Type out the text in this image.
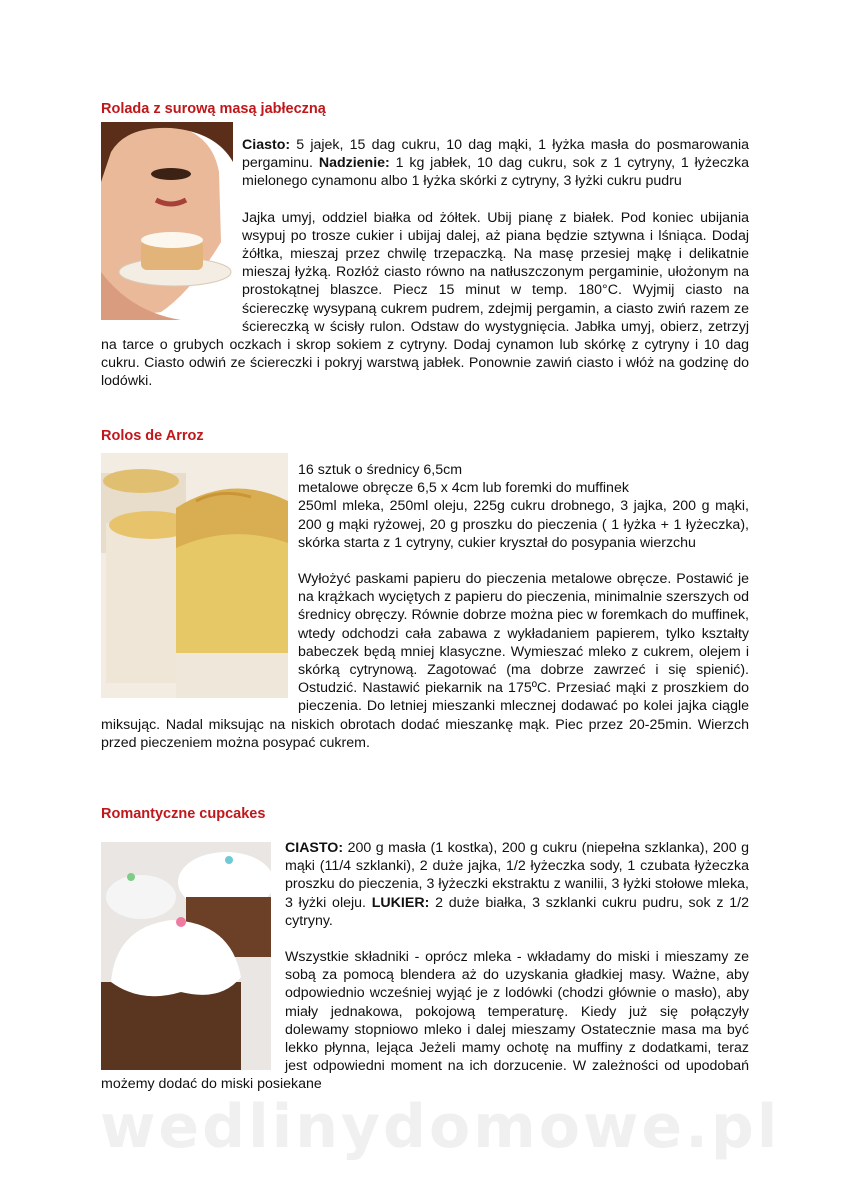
Rolada z surową masą jabłeczną

Ciasto: 5 jajek, 15 dag cukru, 10 dag mąki, 1 łyżka masła do posmarowania pergaminu. Nadzienie: 1 kg jabłek, 10 dag cukru, sok z 1 cytryny, 1 łyżeczka mielonego cynamonu albo 1 łyżka skórki z cytryny, 3 łyżki cukru pudru

Jajka umyj, oddziel białka od żółtek. Ubij pianę z białek. Pod koniec ubijania wsypuj po trosze cukier i ubijaj dalej, aż piana będzie sztywna i lśniąca. Dodaj żółtka, mieszaj przez chwilę trzepaczką. Na masę przesiej mąkę i delikatnie mieszaj łyżką. Rozłóż ciasto równo na natłuszczonym pergaminie, ułożonym na prostokątnej blaszce. Piecz 15 minut w temp. 180°C. Wyjmij ciasto na ściereczkę wysypaną cukrem pudrem, zdejmij pergamin, a ciasto zwiń razem ze ściereczką w ścisły rulon. Odstaw do wystygnięcia. Jabłka umyj, obierz, zetrzyj na tarce o grubych oczkach i skrop sokiem z cytryny. Dodaj cynamon lub skórkę z cytryny i 10 dag cukru. Ciasto odwiń ze ściereczki i pokryj warstwą jabłek. Ponownie zawiń ciasto i włóż na godzinę do lodówki.

Rolos de Arroz

16 sztuk o średnicy 6,5cm

metalowe obręcze 6,5 x 4cm lub foremki do muffinek

250ml mleka, 250ml oleju, 225g cukru drobnego, 3 jajka, 200 g mąki, 200 g mąki ryżowej, 20 g proszku do pieczenia ( 1 łyżka + 1 łyżeczka), skórka starta z 1 cytryny, cukier kryształ do posypania wierzchu

Wyłożyć paskami papieru do pieczenia metalowe obręcze. Postawić je na krążkach wyciętych z papieru do pieczenia, minimalnie szerszych od średnicy obręczy. Równie dobrze można piec w foremkach do muffinek, wtedy odchodzi cała zabawa z wykładaniem papierem, tylko kształty babeczek będą mniej klasyczne. Wymieszać mleko z cukrem, olejem i skórką cytrynową. Zagotować (ma dobrze zawrzeć i się spienić). Ostudzić. Nastawić piekarnik na 175ºC. Przesiać mąki z proszkiem do pieczenia. Do letniej mieszanki mlecznej dodawać po kolei jajka ciągle miksując. Nadal miksując na niskich obrotach dodać mieszankę mąk. Piec przez 20-25min. Wierzch przed pieczeniem można posypać cukrem.

Romantyczne cupcakes

CIASTO: 200 g masła (1 kostka), 200 g cukru (niepełna szklanka), 200 g mąki (11/4 szklanki), 2 duże jajka, 1/2 łyżeczka sody, 1 czubata łyżeczka proszku do pieczenia, 3 łyżeczki ekstraktu z wanilii, 3 łyżki stołowe mleka, 3 łyżki oleju. LUKIER: 2 duże białka, 3 szklanki cukru pudru, sok z 1/2 cytryny.

Wszystkie składniki - oprócz mleka - wkładamy do miski i mieszamy ze sobą za pomocą blendera aż do uzyskania gładkiej masy. Ważne, aby odpowiednio wcześniej wyjąć je z lodówki (chodzi głównie o masło), aby miały jednakowa, pokojową temperaturę. Kiedy już się połączyły dolewamy stopniowo mleko i dalej mieszamy Ostatecznie masa ma być lekko płynna, lejąca Jeżeli mamy ochotę na muffiny z dodatkami, teraz jest odpowiedni moment na ich dorzucenie. W zależności od upodobań możemy dodać do miski posiekane

wedlinydomowe.pl
